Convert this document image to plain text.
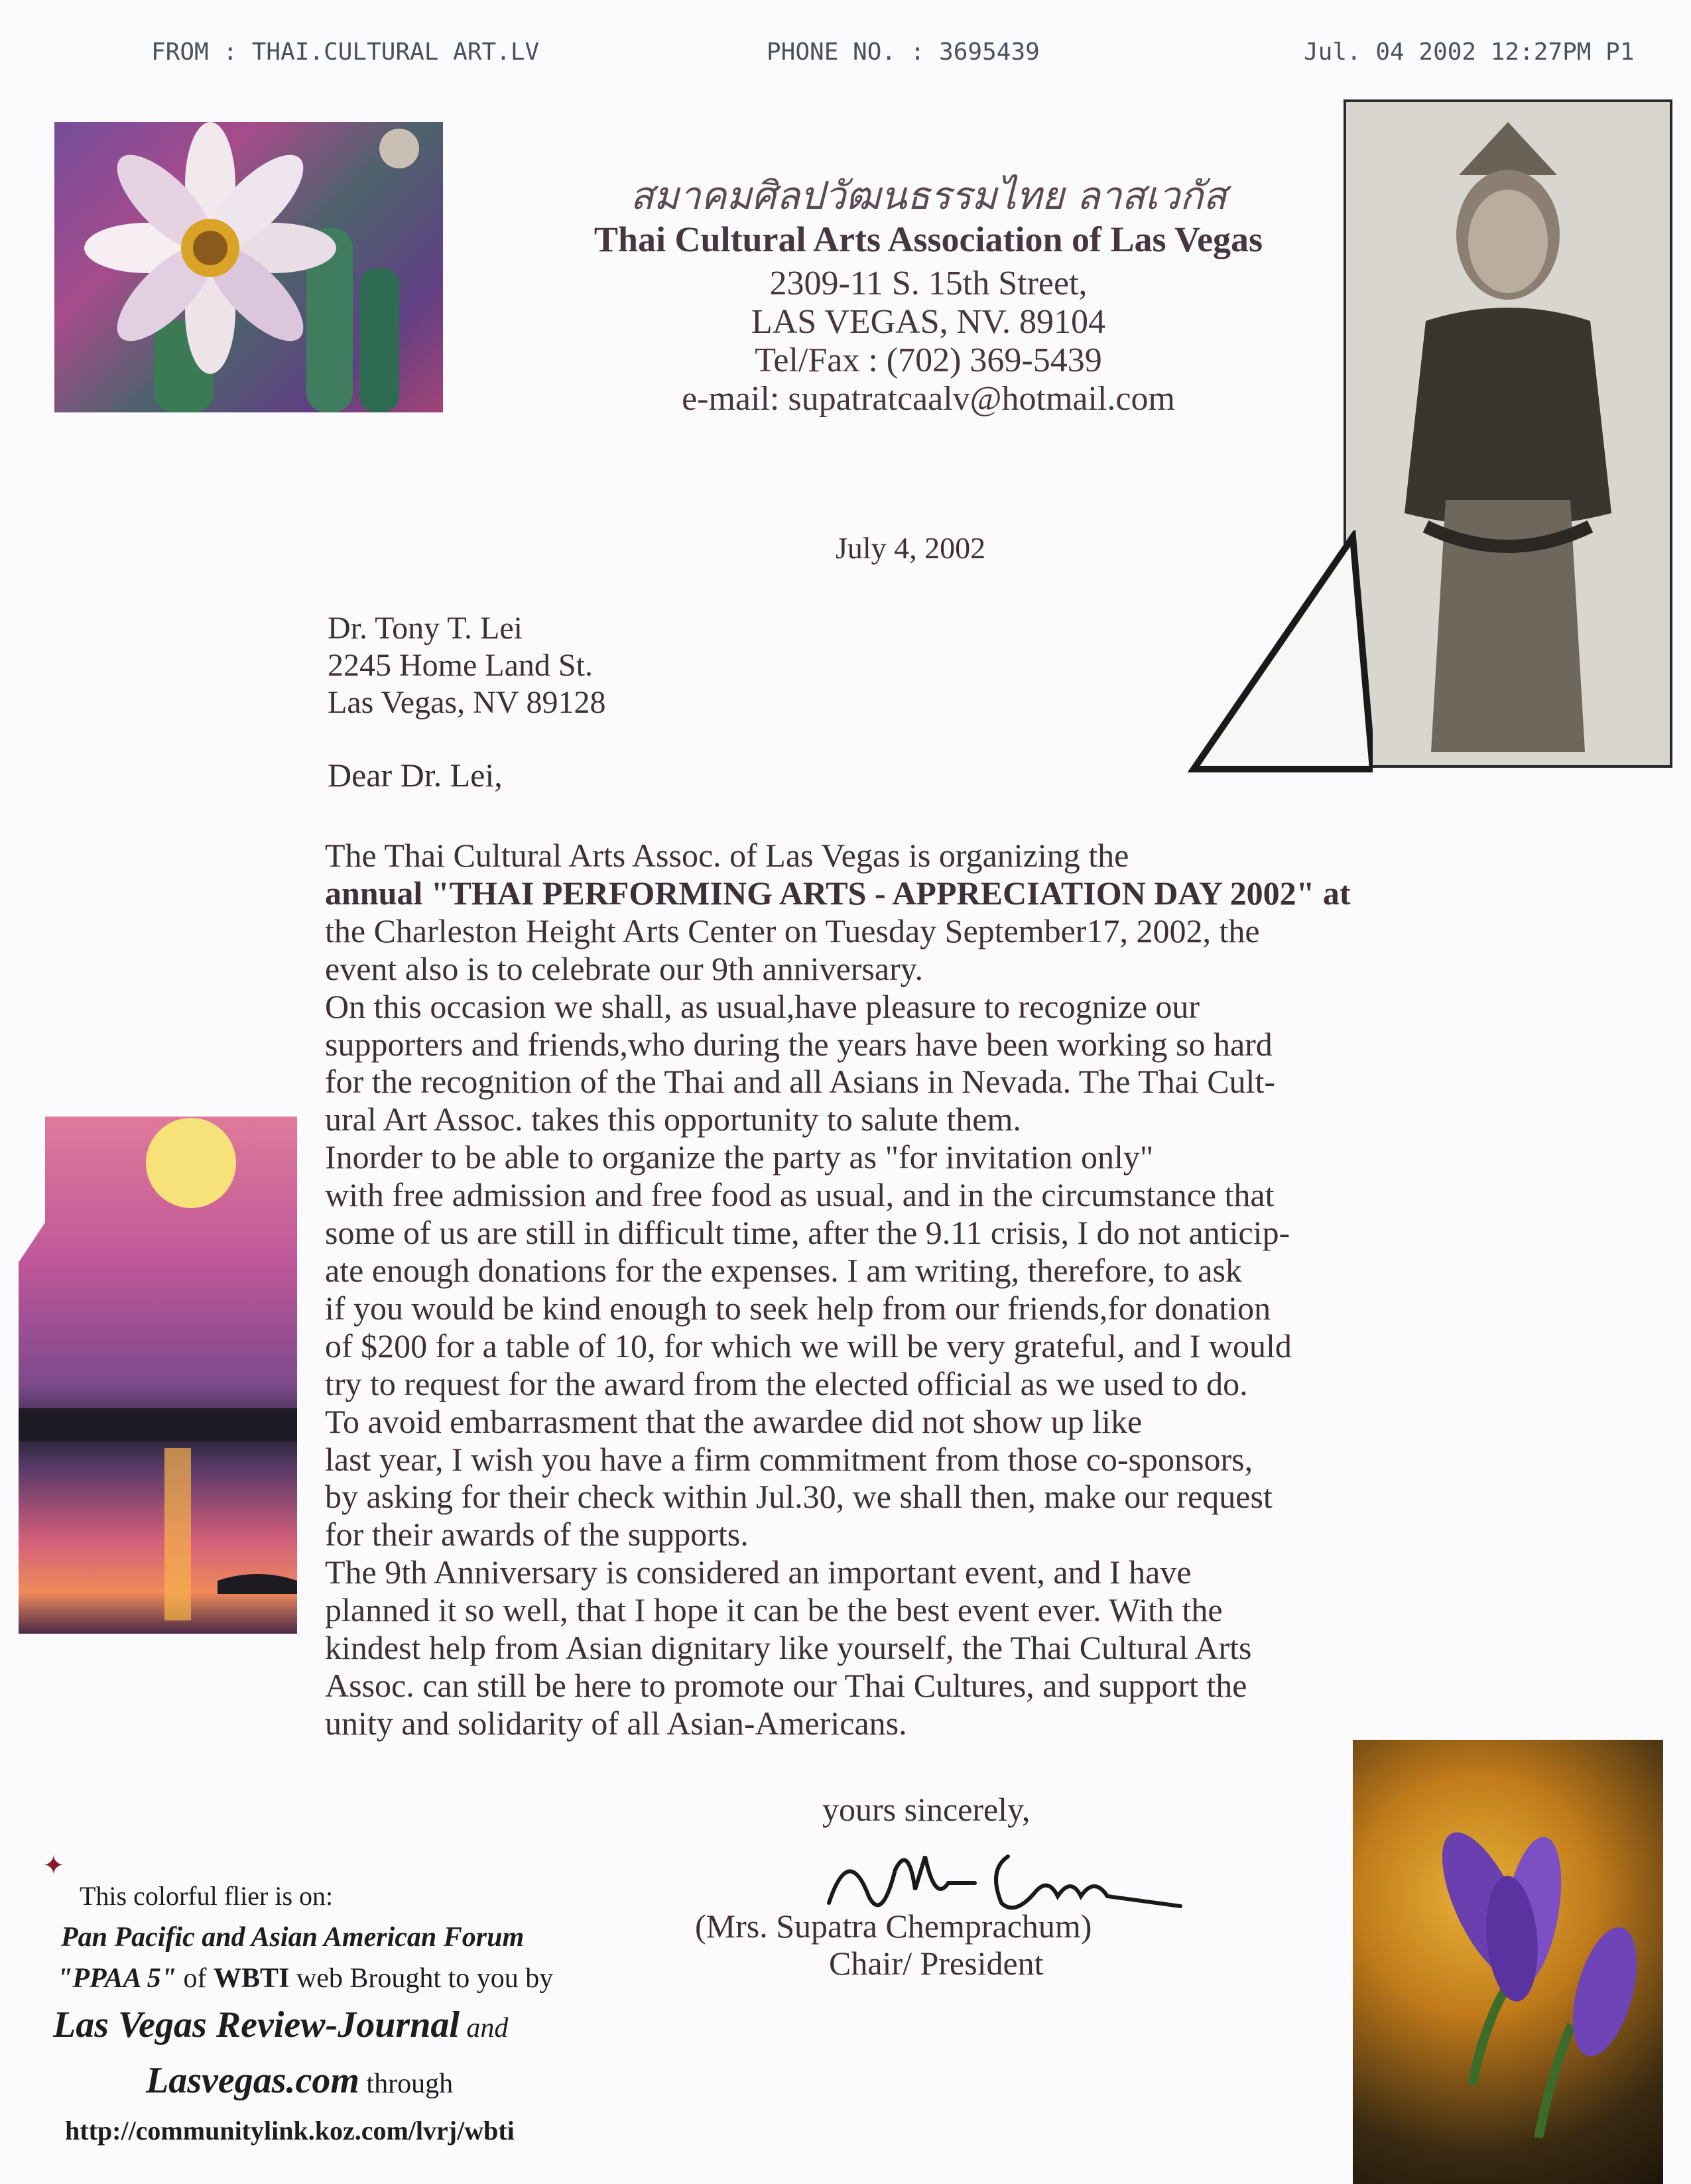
FROM : THAI.CULTURAL ART.LV	PHONE NO. : 3695439	Jul. 04 2002 12:27PM P1
สมาคมศิลปวัฒนธรรมไทย ลาสเวกัส
Thai Cultural Arts Association of Las Vegas
2309-11 S. 15th Street,
LAS VEGAS, NV. 89104
Tel/Fax : (702) 369-5439
e-mail: supatratcaalv@hotmail.com
July 4, 2002
Dr. Tony T. Lei
2245 Home Land St.
Las Vegas, NV 89128
Dear Dr. Lei,
The Thai Cultural Arts Assoc. of Las Vegas is organizing the
annual "THAI PERFORMING ARTS - APPRECIATION DAY 2002" at
the Charleston Height Arts Center on Tuesday September17, 2002, the
event also is to celebrate our 9th anniversary.
On this occasion we shall, as usual,have pleasure to recognize our
supporters and friends,who during the years have been working so hard
for the recognition of the Thai and all Asians in Nevada. The Thai Cult-
ural Art Assoc. takes this opportunity to salute them.
Inorder to be able to organize the party as "for invitation only"
with free admission and free food as usual, and in the circumstance that
some of us are still in difficult time, after the 9.11 crisis, I do not anticip-
ate enough donations for the expenses. I am writing, therefore, to ask
if you would be kind enough to seek help from our friends,for donation
of $200 for a table of 10, for which we will be very grateful, and I would
try to request for the award from the elected official as we used to do.
To avoid embarrasment that the awardee did not show up like
last year, I wish you have a firm commitment from those co-sponsors,
by asking for their check within Jul.30, we shall then, make our request
for their awards of the supports.
The 9th Anniversary is considered an important event, and I have
planned it so well, that I hope it can be the best event ever. With the
kindest help from Asian dignitary like yourself, the Thai Cultural Arts
Assoc. can still be here to promote our Thai Cultures, and support the
unity and solidarity of all Asian-Americans.
yours sincerely,
(Mrs. Supatra Chemprachum)
Chair/ President
✦
This colorful flier is on:
Pan Pacific and Asian American Forum
"PPAA 5" of WBTI web Brought to you by
Las Vegas Review-Journal and
Lasvegas.com through
http://communitylink.koz.com/lvrj/wbti
